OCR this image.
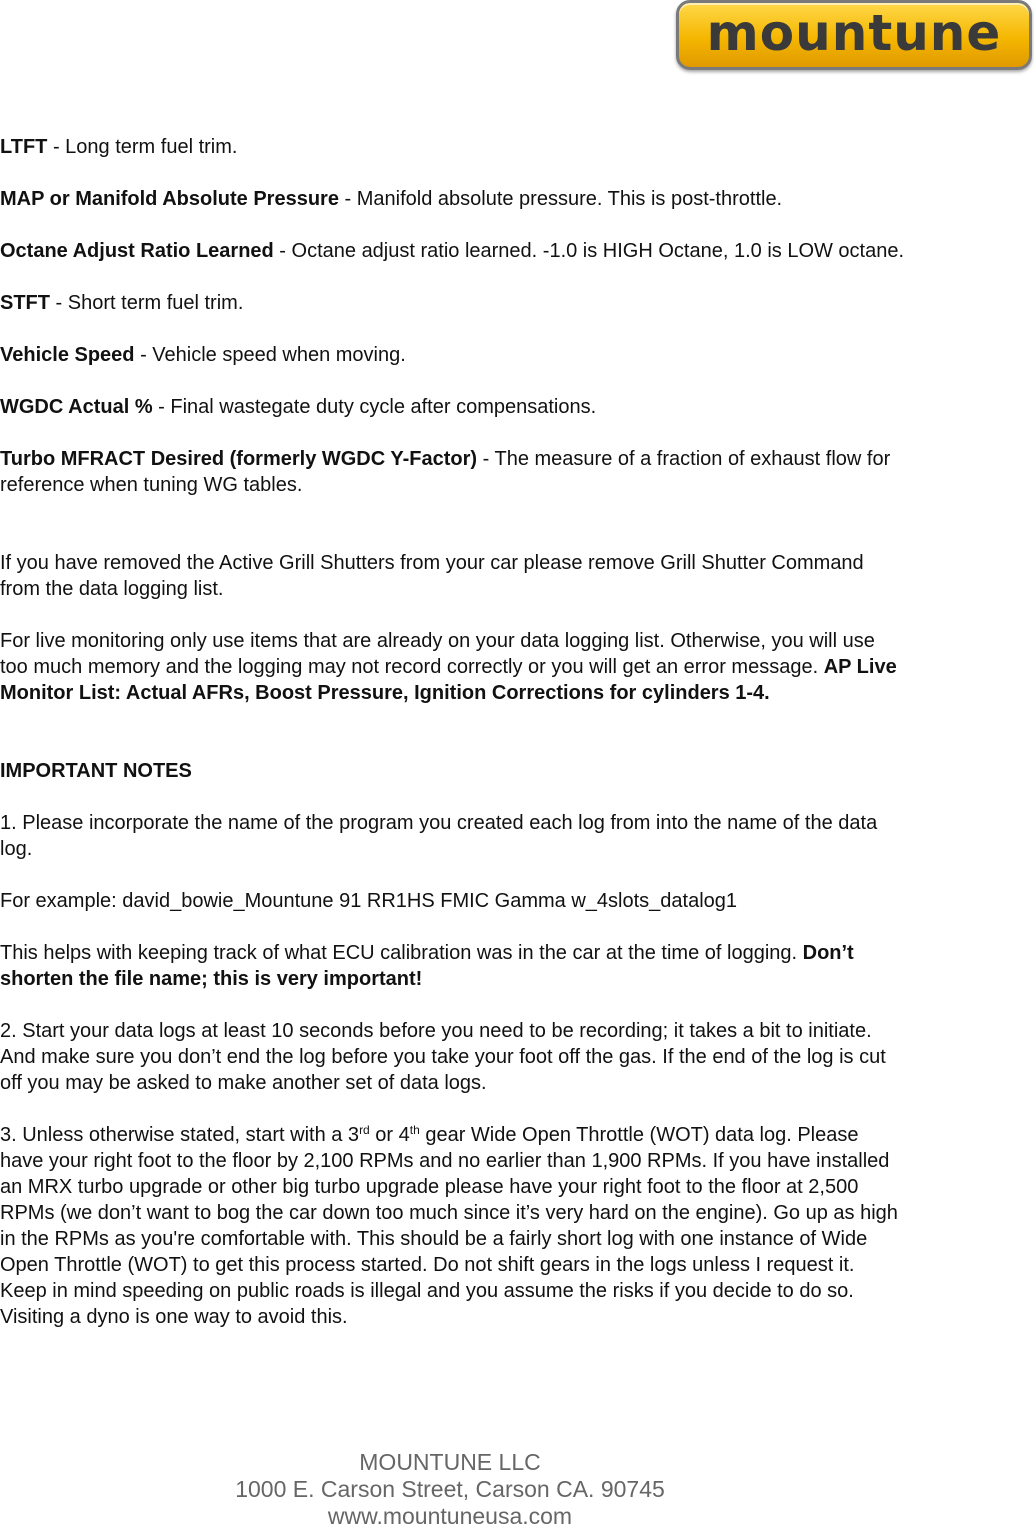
mountune

LTFT - Long term fuel trim.

MAP or Manifold Absolute Pressure - Manifold absolute pressure. This is post-throttle.

Octane Adjust Ratio Learned - Octane adjust ratio learned. -1.0 is HIGH Octane, 1.0 is LOW octane.

STFT - Short term fuel trim.

Vehicle Speed - Vehicle speed when moving.

WGDC Actual % - Final wastegate duty cycle after compensations.

Turbo MFRACT Desired (formerly WGDC Y-Factor) - The measure of a fraction of exhaust flow for reference when tuning WG tables.

If you have removed the Active Grill Shutters from your car please remove Grill Shutter Command from the data logging list.

For live monitoring only use items that are already on your data logging list. Otherwise, you will use too much memory and the logging may not record correctly or you will get an error message. AP Live Monitor List: Actual AFRs, Boost Pressure, Ignition Corrections for cylinders 1-4.

IMPORTANT NOTES

1. Please incorporate the name of the program you created each log from into the name of the data log.

For example: david_bowie_Mountune 91 RR1HS FMIC Gamma w_4slots_datalog1

This helps with keeping track of what ECU calibration was in the car at the time of logging. Don’t shorten the file name; this is very important!

2. Start your data logs at least 10 seconds before you need to be recording; it takes a bit to initiate. And make sure you don’t end the log before you take your foot off the gas. If the end of the log is cut off you may be asked to make another set of data logs.

3. Unless otherwise stated, start with a 3rd or 4th gear Wide Open Throttle (WOT) data log. Please have your right foot to the floor by 2,100 RPMs and no earlier than 1,900 RPMs. If you have installed an MRX turbo upgrade or other big turbo upgrade please have your right foot to the floor at 2,500 RPMs (we don’t want to bog the car down too much since it’s very hard on the engine). Go up as high in the RPMs as you're comfortable with. This should be a fairly short log with one instance of Wide Open Throttle (WOT) to get this process started. Do not shift gears in the logs unless I request it. Keep in mind speeding on public roads is illegal and you assume the risks if you decide to do so. Visiting a dyno is one way to avoid this.

MOUNTUNE LLC
1000 E. Carson Street, Carson CA. 90745
www.mountuneusa.com
